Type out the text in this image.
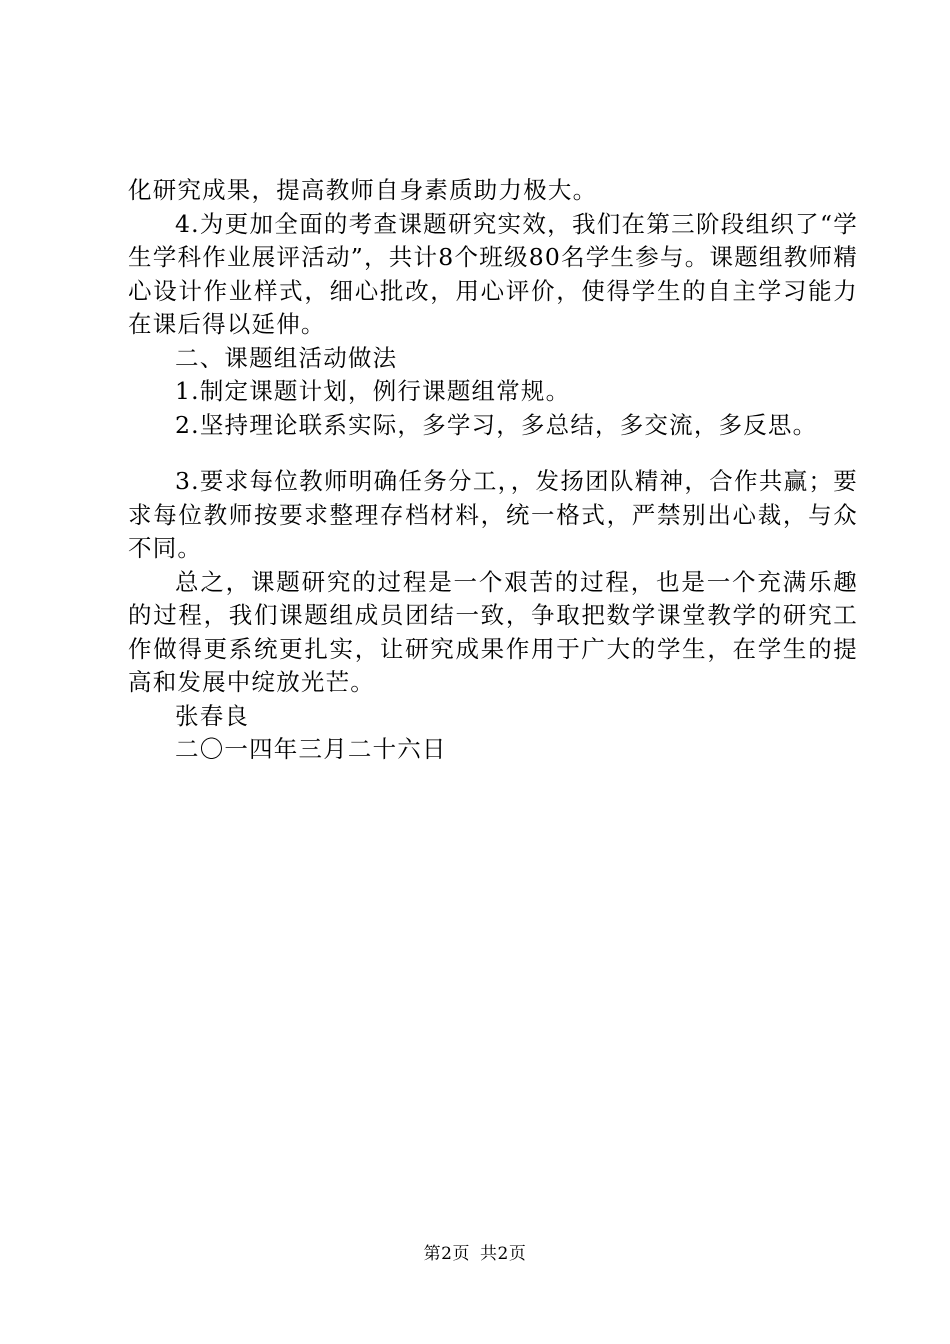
化研究成果，提高教师自身素质助力极大。

4.为更加全面的考查课题研究实效，我们在第三阶段组织了“学生学科作业展评活动”，共计8个班级80名学生参与。课题组教师精心设计作业样式，细心批改，用心评价，使得学生的自主学习能力在课后得以延伸。

二、课题组活动做法

1.制定课题计划，例行课题组常规。

2.坚持理论联系实际，多学习，多总结，多交流，多反思。

3.要求每位教师明确任务分工，，发扬团队精神，合作共赢；要求每位教师按要求整理存档材料，统一格式，严禁别出心裁，与众不同。

总之，课题研究的过程是一个艰苦的过程，也是一个充满乐趣的过程，我们课题组成员团结一致，争取把数学课堂教学的研究工作做得更系统更扎实，让研究成果作用于广大的学生，在学生的提高和发展中绽放光芒。

张春良

二〇一四年三月二十六日

第2页 共2页
